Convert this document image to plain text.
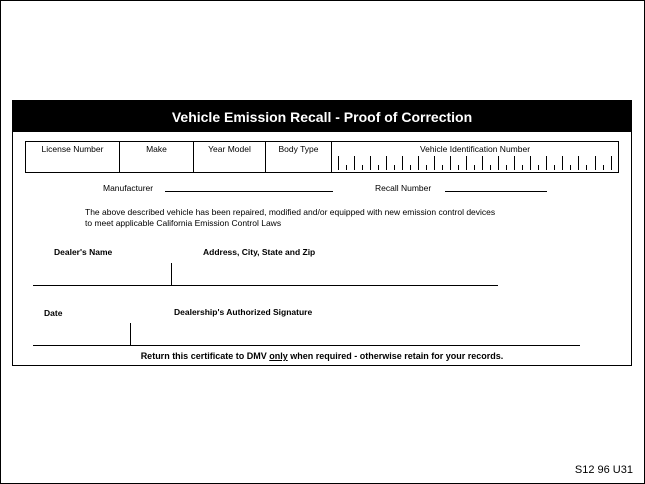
Vehicle Emission Recall - Proof of Correction
License Number	Make	Year Model	Body Type	Vehicle Identification Number
Manufacturer	Recall Number
The above described vehicle has been repaired, modified and/or equipped with new emission control devices
to meet applicable California Emission Control Laws
Dealer's Name	Address, City, State and Zip
Date	Dealership's Authorized Signature
Return this certificate to DMV only when required - otherwise retain for your records.
S12 96 U31
